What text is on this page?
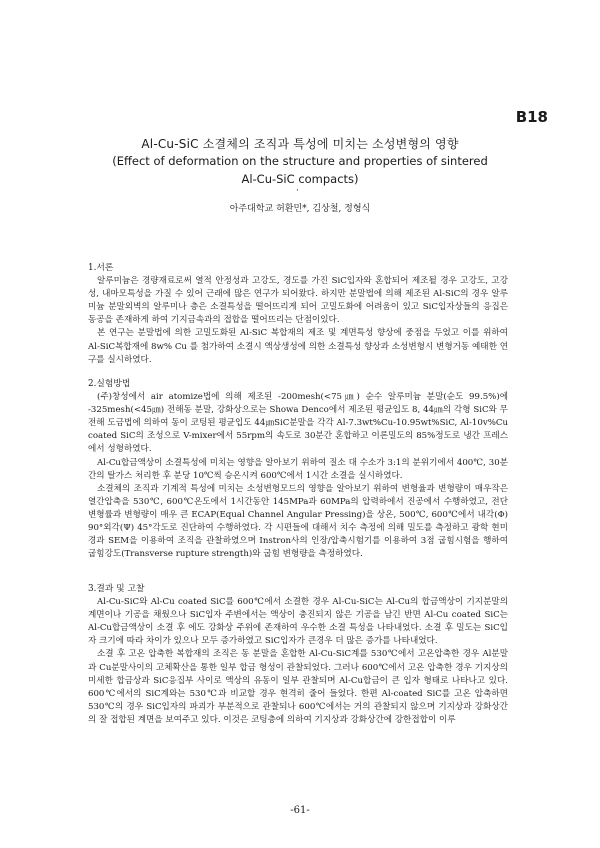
B18
Al-Cu-SiC 소결체의 조직과 특성에 미치는 소성변형의 영향
(Effect of deformation on the structure and properties of sintered
Al-Cu-SiC compacts)
·
아주대학교 허환민*, 김상철, 정형식

1.서론

알루미늄은 경량재료로써 열적 안정성과 고강도, 경도를 가진 SiC입자와 혼합되어 제조될 경우 고강도, 고강성, 내마모특성을 가질 수 있어 근래에 많은 연구가 되어왔다. 하지만 분말법에 의해 제조된 Al-SiC의 경우 알루미늄 분말외벽의 알루미나 층은 소결특성을 떨어뜨리게 되어 고밀도화에 어려움이 있고 SiC입자상들의 응집은 동공을 존재하게 하여 기지금속과의 접합을 떨어뜨리는 단점이있다.

본 연구는 분말법에 의한 고밀도화된 Al-SiC 복합재의 제조 및 계면특성 향상에 중점을 두었고 이를 위하여 Al-SiC복합재에 8w% Cu 를 첨가하여 소결시 액상생성에 의한 소결특성 향상과 소성변형시 변형거동 예태한 연구를 실시하였다.

2.실험방법

(주)창성에서 air atomize법에 의해 제조된 -200mesh(<75㎛) 순수 알루미늄 분말(순도 99.5%)에 -325mesh(<45㎛) 전해동 분말, 강화상으로는 Showa Denco에서 제조된 평균입도 8, 44㎛의 각형 SiC와 무전해 도금법에 의하여 동이 코팅된 평균입도 44㎛SiC분말을 각각 Al-7.3wt%Cu-10.95wt%SiC, Al-10v%Cu coated SiC의 조성으로 V-mixer에서 55rpm의 속도로 30분간 혼합하고 이론밀도의 85%정도로 냉간 프레스에서 성형하였다.

Al-Cu합금액상이 소결특성에 미치는 영향을 알아보기 위하여 질소 대 수소가 3:1의 분위기에서 400℃, 30분간의 탈가스 처리한 후 분당 10℃씩 승온시켜 600℃에서 1시간 소결을 실시하였다.

소결체의 조직과 기계적 특성에 미치는 소성변형모드의 영향을 알아보기 위하여 변형율과 변형량이 매우작은 열간압축을 530℃, 600℃온도에서 1시간동안 145MPa과 60MPa의 압력하에서 진공에서 수행하였고, 전단 변형률과 변형량이 매우 큰 ECAP(Equal Channel Angular Pressing)을 상온, 500℃, 600℃에서 내각(Φ) 90°외각(Ψ) 45°각도로 진단하여 수행하였다. 각 시편들에 대해서 치수 측정에 의해 밀도를 측정하고 광학 현미경과 SEM을 이용하여 조직을 관찰하였으며 Instron사의 인장/압축시험기를 이용하여 3점 굽힘시험을 행하여 굽힘강도(Transverse rupture strength)와 굽힘 변형량을 측정하였다.

3.결과 및 고찰

Al-Cu-SiC와 Al-Cu coated SiC를 600℃에서 소결한 경우 Al-Cu-SiC는 Al-Cu의 합금액상이 기지분말의 계면이나 기공을 채웠으나 SiC입자 주변에서는 액상이 충진되지 않은 기공을 남긴 반면 Al-Cu coated SiC는 Al-Cu합금액상이 소결 후 에도 강화상 주위에 존재하여 우수한 소결 특성을 나타내었다. 소결 후 밀도는 SiC입자 크기에 따라 차이가 있으나 모두 증가하였고 SiC입자가 큰경우 더 많은 증가를 나타내었다.

소결 후 고온 압축한 복합재의 조직은 동 분말을 혼합한 Al-Cu-SiC계를 530℃에서 고온압축한 경우 Al분말과 Cu분말사이의 고체확산을 통한 일부 합금 형성이 관찰되었다. 그러나 600℃에서 고온 압축한 경우 기지상의 미세한 합금상과 SiC응집부 사이로 액상의 유동이 일부 관찰되며 Al-Cu합금이 큰 입자 형태로 나타나고 있다. 600℃에서의 SiC계와는 530℃과 비교할 경우 현격히 줄어 들었다. 한편 Al-coated SiC를 고온 압축하면 530℃의 경우 SiC입자의 파괴가 부분적으로 관찰되나 600℃에서는 거의 관찰되지 않으며 기지상과 강화상간의 잘 접합된 계면을 보여주고 있다. 이것은 코팅층에 의하여 기지상과 강화상간에 강한접합이 이루

-61-
